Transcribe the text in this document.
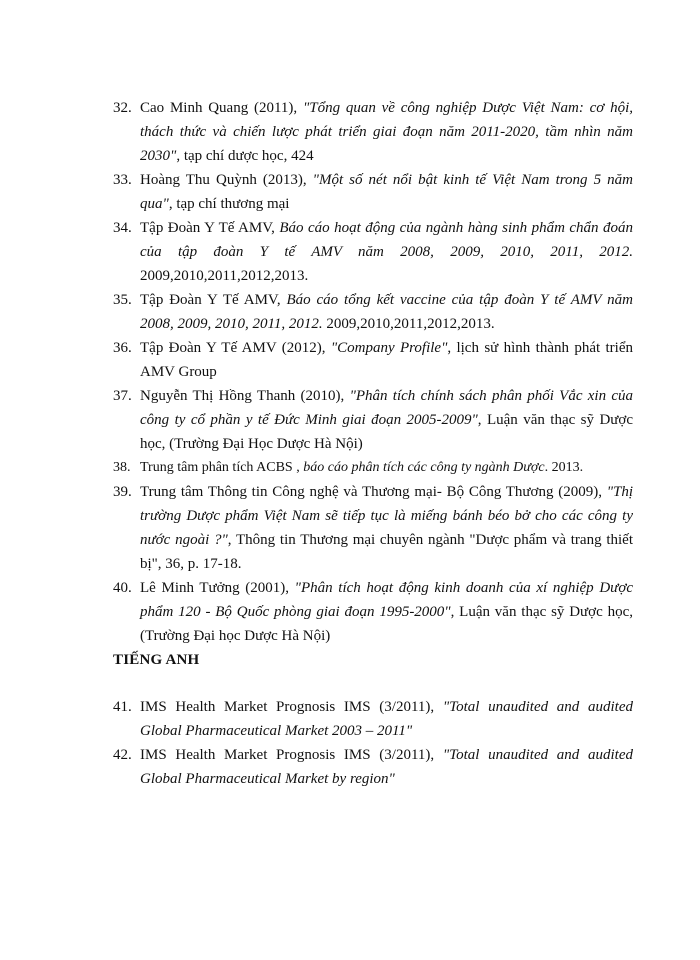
32. Cao Minh Quang (2011), "Tổng quan về công nghiệp Dược Việt Nam: cơ hội, thách thức và chiến lược phát triển giai đoạn năm 2011-2020, tầm nhìn năm 2030", tạp chí dược học, 424
33. Hoàng Thu Quỳnh (2013), "Một số nét nổi bật kinh tế Việt Nam trong 5 năm qua", tạp chí thương mại
34. Tập Đoàn Y Tế AMV, Báo cáo hoạt động của ngành hàng sinh phẩm chẩn đoán của tập đoàn Y tế AMV năm 2008, 2009, 2010, 2011, 2012. 2009,2010,2011,2012,2013.
35. Tập Đoàn Y Tế AMV, Báo cáo tổng kết vaccine của tập đoàn Y tế AMV năm 2008, 2009, 2010, 2011, 2012. 2009,2010,2011,2012,2013.
36. Tập Đoàn Y Tế AMV (2012), "Company Profile", lịch sử hình thành phát triển AMV Group
37. Nguyễn Thị Hồng Thanh (2010), "Phân tích chính sách phân phối Vắc xin của công ty cổ phần y tế Đức Minh giai đoạn 2005-2009", Luận văn thạc sỹ Dược học, (Trường Đại Học Dược Hà Nội)
38. Trung tâm phân tích ACBS , báo cáo phân tích các công ty ngành Dược. 2013.
39. Trung tâm Thông tin Công nghệ và Thương mại- Bộ Công Thương (2009), "Thị trường Dược phẩm Việt Nam sẽ tiếp tục là miếng bánh béo bở cho các công ty nước ngoài ?", Thông tin Thương mại chuyên ngành "Dược phẩm và trang thiết bị", 36, p. 17-18.
40. Lê Minh Tưởng (2001), "Phân tích hoạt động kinh doanh của xí nghiệp Dược phẩm 120 - Bộ Quốc phòng giai đoạn 1995-2000", Luận văn thạc sỹ Dược học, (Trường Đại học Dược Hà Nội)
TIẾNG ANH
41. IMS Health Market Prognosis IMS (3/2011), "Total unaudited and audited Global Pharmaceutical Market 2003 – 2011"
42. IMS Health Market Prognosis IMS (3/2011), "Total unaudited and audited Global Pharmaceutical Market by region"
